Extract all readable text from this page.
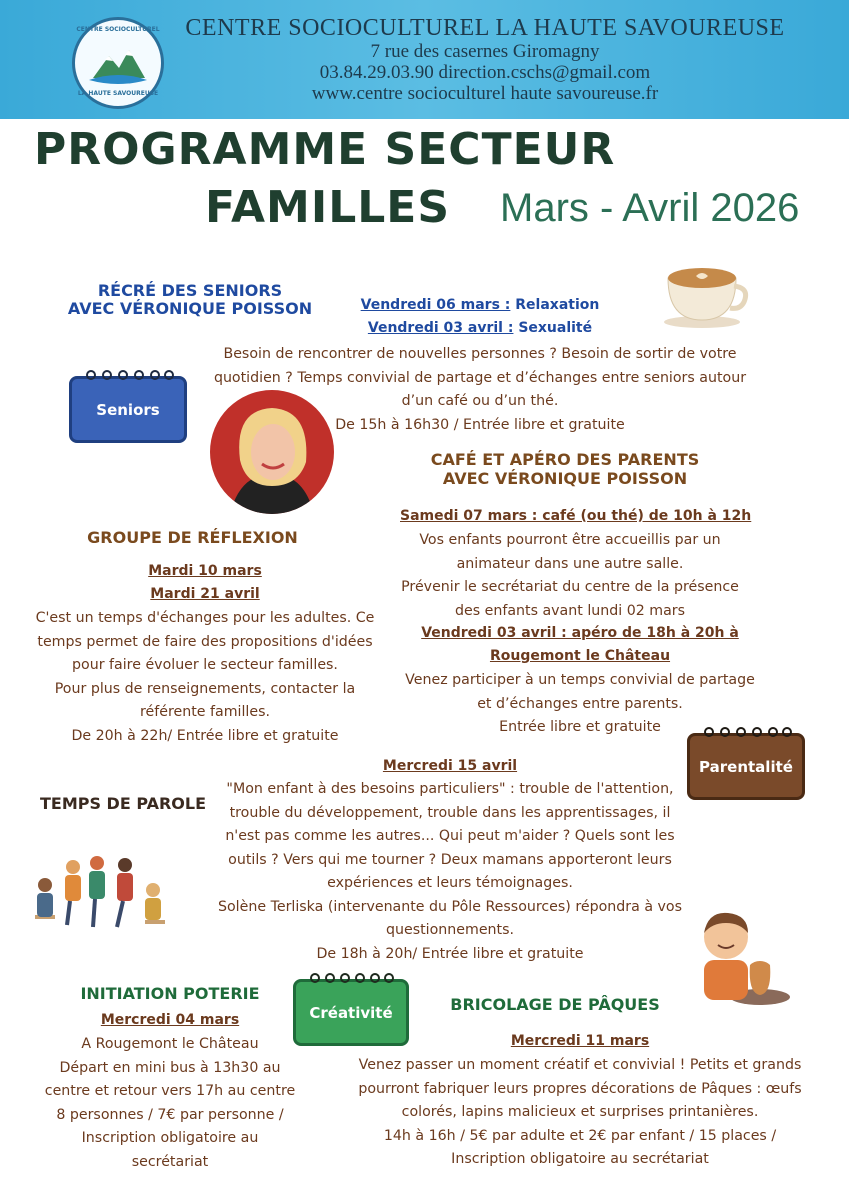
CENTRE SOCIOCULTUREL
LA HAUTE SAVOUREUSE
CENTRE SOCIOCULTUREL LA HAUTE SAVOUREUSE
7 rue des casernes Giromagny
03.84.29.03.90 direction.cschs@gmail.com
www.centre socioculturel haute savoureuse.fr
PROGRAMME SECTEUR
FAMILLES Mars - Avril 2026
RÉCRÉ DES SENIORS
AVEC VÉRONIQUE POISSON	Vendredi 06 mars : Relaxation
Vendredi 03 avril : Sexualité
Besoin de rencontrer de nouvelles personnes ? Besoin de sortir de votre
quotidien ? Temps convivial de partage et d’échanges entre seniors autour
d’un café ou d’un thé.
De 15h à 16h30 / Entrée libre et gratuite
Seniors
CAFÉ ET APÉRO DES PARENTS
AVEC VÉRONIQUE POISSON
Samedi 07 mars : café (ou thé) de 10h à 12h
Vos enfants pourront être accueillis par un
animateur dans une autre salle.
Prévenir le secrétariat du centre de la présence
des enfants avant lundi 02 mars
Vendredi 03 avril : apéro de 18h à 20h à
Rougemont le Château
Venez participer à un temps convivial de partage
et d’échanges entre parents.
Entrée libre et gratuite
Parentalité
GROUPE DE RÉFLEXION
Mardi 10 mars
Mardi 21 avril
C'est un temps d'échanges pour les adultes. Ce
temps permet de faire des propositions d'idées
pour faire évoluer le secteur familles.
Pour plus de renseignements, contacter la
référente familles.
De 20h à 22h/ Entrée libre et gratuite
TEMPS DE PAROLE
Mercredi 15 avril
"Mon enfant à des besoins particuliers" : trouble de l'attention,
trouble du développement, trouble dans les apprentissages, il
n'est pas comme les autres... Qui peut m'aider ? Quels sont les
outils ? Vers qui me tourner ? Deux mamans apporteront leurs
expériences et leurs témoignages.
Solène Terliska (intervenante du Pôle Ressources) répondra à vos
questionnements.
De 18h à 20h/ Entrée libre et gratuite
INITIATION POTERIE
Mercredi 04 mars
A Rougemont le Château
Départ en mini bus à 13h30 au
centre et retour vers 17h au centre
8 personnes / 7€ par personne /
Inscription obligatoire au
secrétariat
Créativité	BRICOLAGE DE PÂQUES
Mercredi 11 mars
Venez passer un moment créatif et convivial ! Petits et grands
pourront fabriquer leurs propres décorations de Pâques : œufs
colorés, lapins malicieux et surprises printanières.
14h à 16h / 5€ par adulte et 2€ par enfant / 15 places /
Inscription obligatoire au secrétariat
